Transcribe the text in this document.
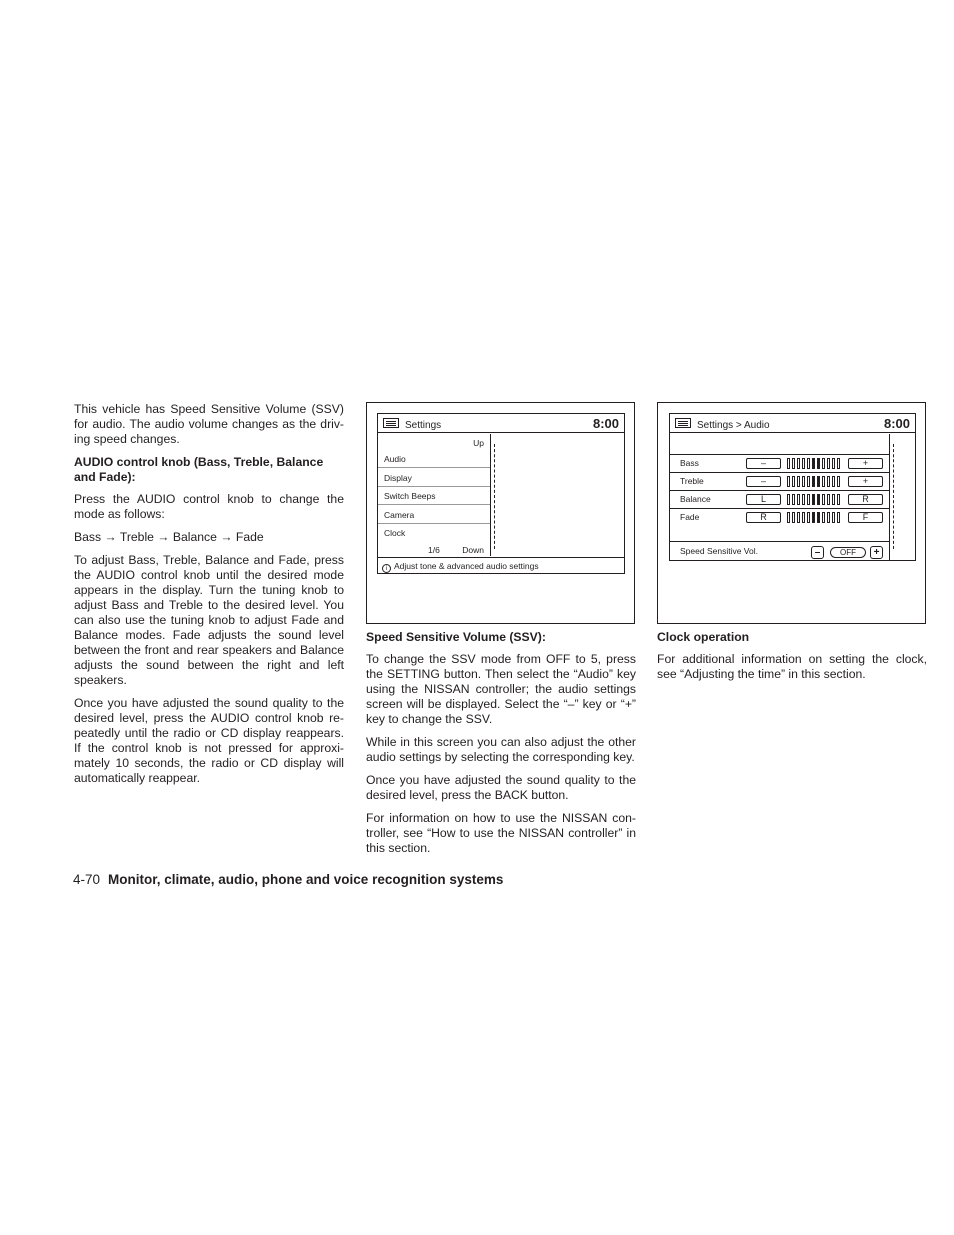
This vehicle has Speed Sensitive Volume (SSV) for audio. The audio volume changes as the driv-ing speed changes.

AUDIO control knob (Bass, Treble, Balance and Fade):

Press the AUDIO control knob to change the mode as follows:

Bass → Treble → Balance → Fade

To adjust Bass, Treble, Balance and Fade, press the AUDIO control knob until the desired mode appears in the display. Turn the tuning knob to adjust Bass and Treble to the desired level. You can also use the tuning knob to adjust Fade and Balance modes. Fade adjusts the sound level between the front and rear speakers and Balance adjusts the sound between the right and left speakers.

Once you have adjusted the sound quality to the desired level, press the AUDIO control knob re-peatedly until the radio or CD display reappears. If the control knob is not pressed for approxi-mately 10 seconds, the radio or CD display will automatically reappear.

Settings	8:00
Up
Audio
Display
Switch Beeps
Camera
Clock
1/6	Down
i Adjust tone & advanced audio settings
Speed Sensitive Volume (SSV):

To change the SSV mode from OFF to 5, press the SETTING button. Then select the “Audio” key using the NISSAN controller; the audio settings screen will be displayed. Select the “–” key or “+” key to change the SSV.

While in this screen you can also adjust the other audio settings by selecting the corresponding key.

Once you have adjusted the sound quality to the desired level, press the BACK button.

For information on how to use the NISSAN con-troller, see “How to use the NISSAN controller” in this section.

Settings > Audio	8:00
Bass	–	+
Treble	–	+
Balance	L	R
Fade	R	F
Speed Sensitive Vol.	–	OFF	+
Clock operation

For additional information on setting the clock, see “Adjusting the time” in this section.

4-70 Monitor, climate, audio, phone and voice recognition systems
